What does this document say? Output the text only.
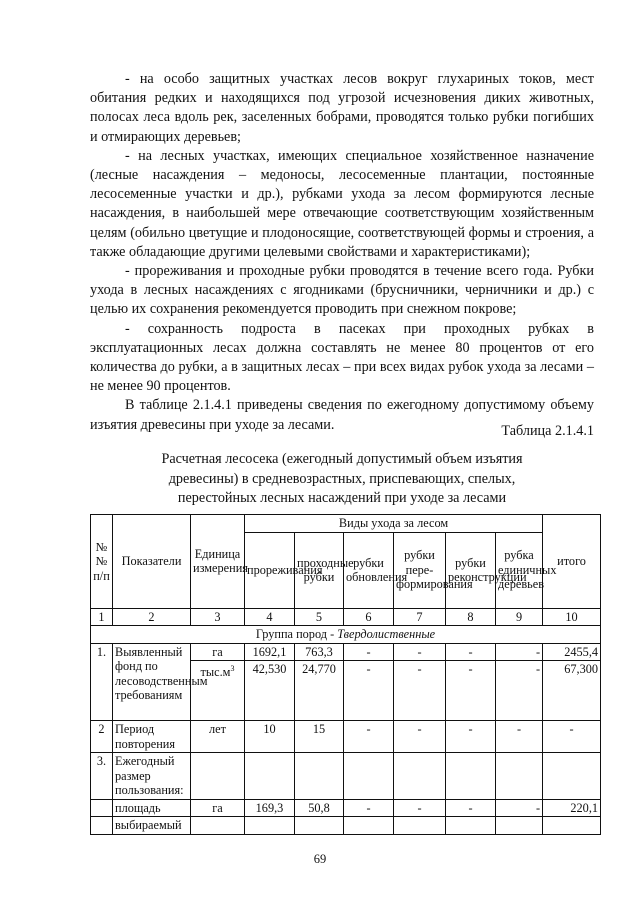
- на особо защитных участках лесов вокруг глухариных токов, мест обитания редких и находящихся под угрозой исчезновения диких животных, полосах леса вдоль рек, заселенных бобрами, проводятся только рубки погибших и отмирающих деревьев;

- на лесных участках, имеющих специальное хозяйственное назначение (лесные насаждения – медоносы, лесосеменные плантации, постоянные лесосеменные участки и др.), рубками ухода за лесом формируются лесные насаждения, в наибольшей мере отвечающие соответствующим хозяйственным целям (обильно цветущие и плодоносящие, соответствующей формы и строения, а также обладающие другими целевыми свойствами и характеристиками);

- прореживания и проходные рубки проводятся в течение всего года. Рубки ухода в лесных насаждениях с ягодниками (брусничники, черничники и др.) с целью их сохранения рекомендуется проводить при снежном покрове;

- сохранность подроста в пасеках при проходных рубках в эксплуатационных лесах должна составлять не менее 80 процентов от его количества до рубки, а в защитных лесах – при всех видах рубок ухода за лесами – не менее 90 процентов.

В таблице 2.1.4.1 приведены сведения по ежегодному допустимому объему изъятия древесины при уходе за лесами.	Таблица 2.1.4.1
Расчетная лесосека (ежегодный допустимый объем изъятия
древесины) в средневозрастных, приспевающих, спелых,
перестойных лесных насаждений при уходе за лесами
№ № п/п	Показатели	Единица измерения	Виды ухода за лесом						итого
			прореживания	проходные рубки	рубки обновления	рубки пере-формирования	рубки реконструкции	рубка единичных деревьев	
1	2	3	4	5	6	7	8	9	10
Группа пород - Твердолиственные									
1.	Выявленный фонд по лесоводственным требованиям	га	1692,1	763,3	-	-	-	-	2455,4
		$тыс.м^3$	42,530	24,770	-	-	-	-	67,300
2	Период повторения	лет	10	15	-	-	-	-	-
3.	Ежегодный размер пользования:								
	площадь	га	169,3	50,8	-	-	-	-	220,1
	выбираемый								
69
